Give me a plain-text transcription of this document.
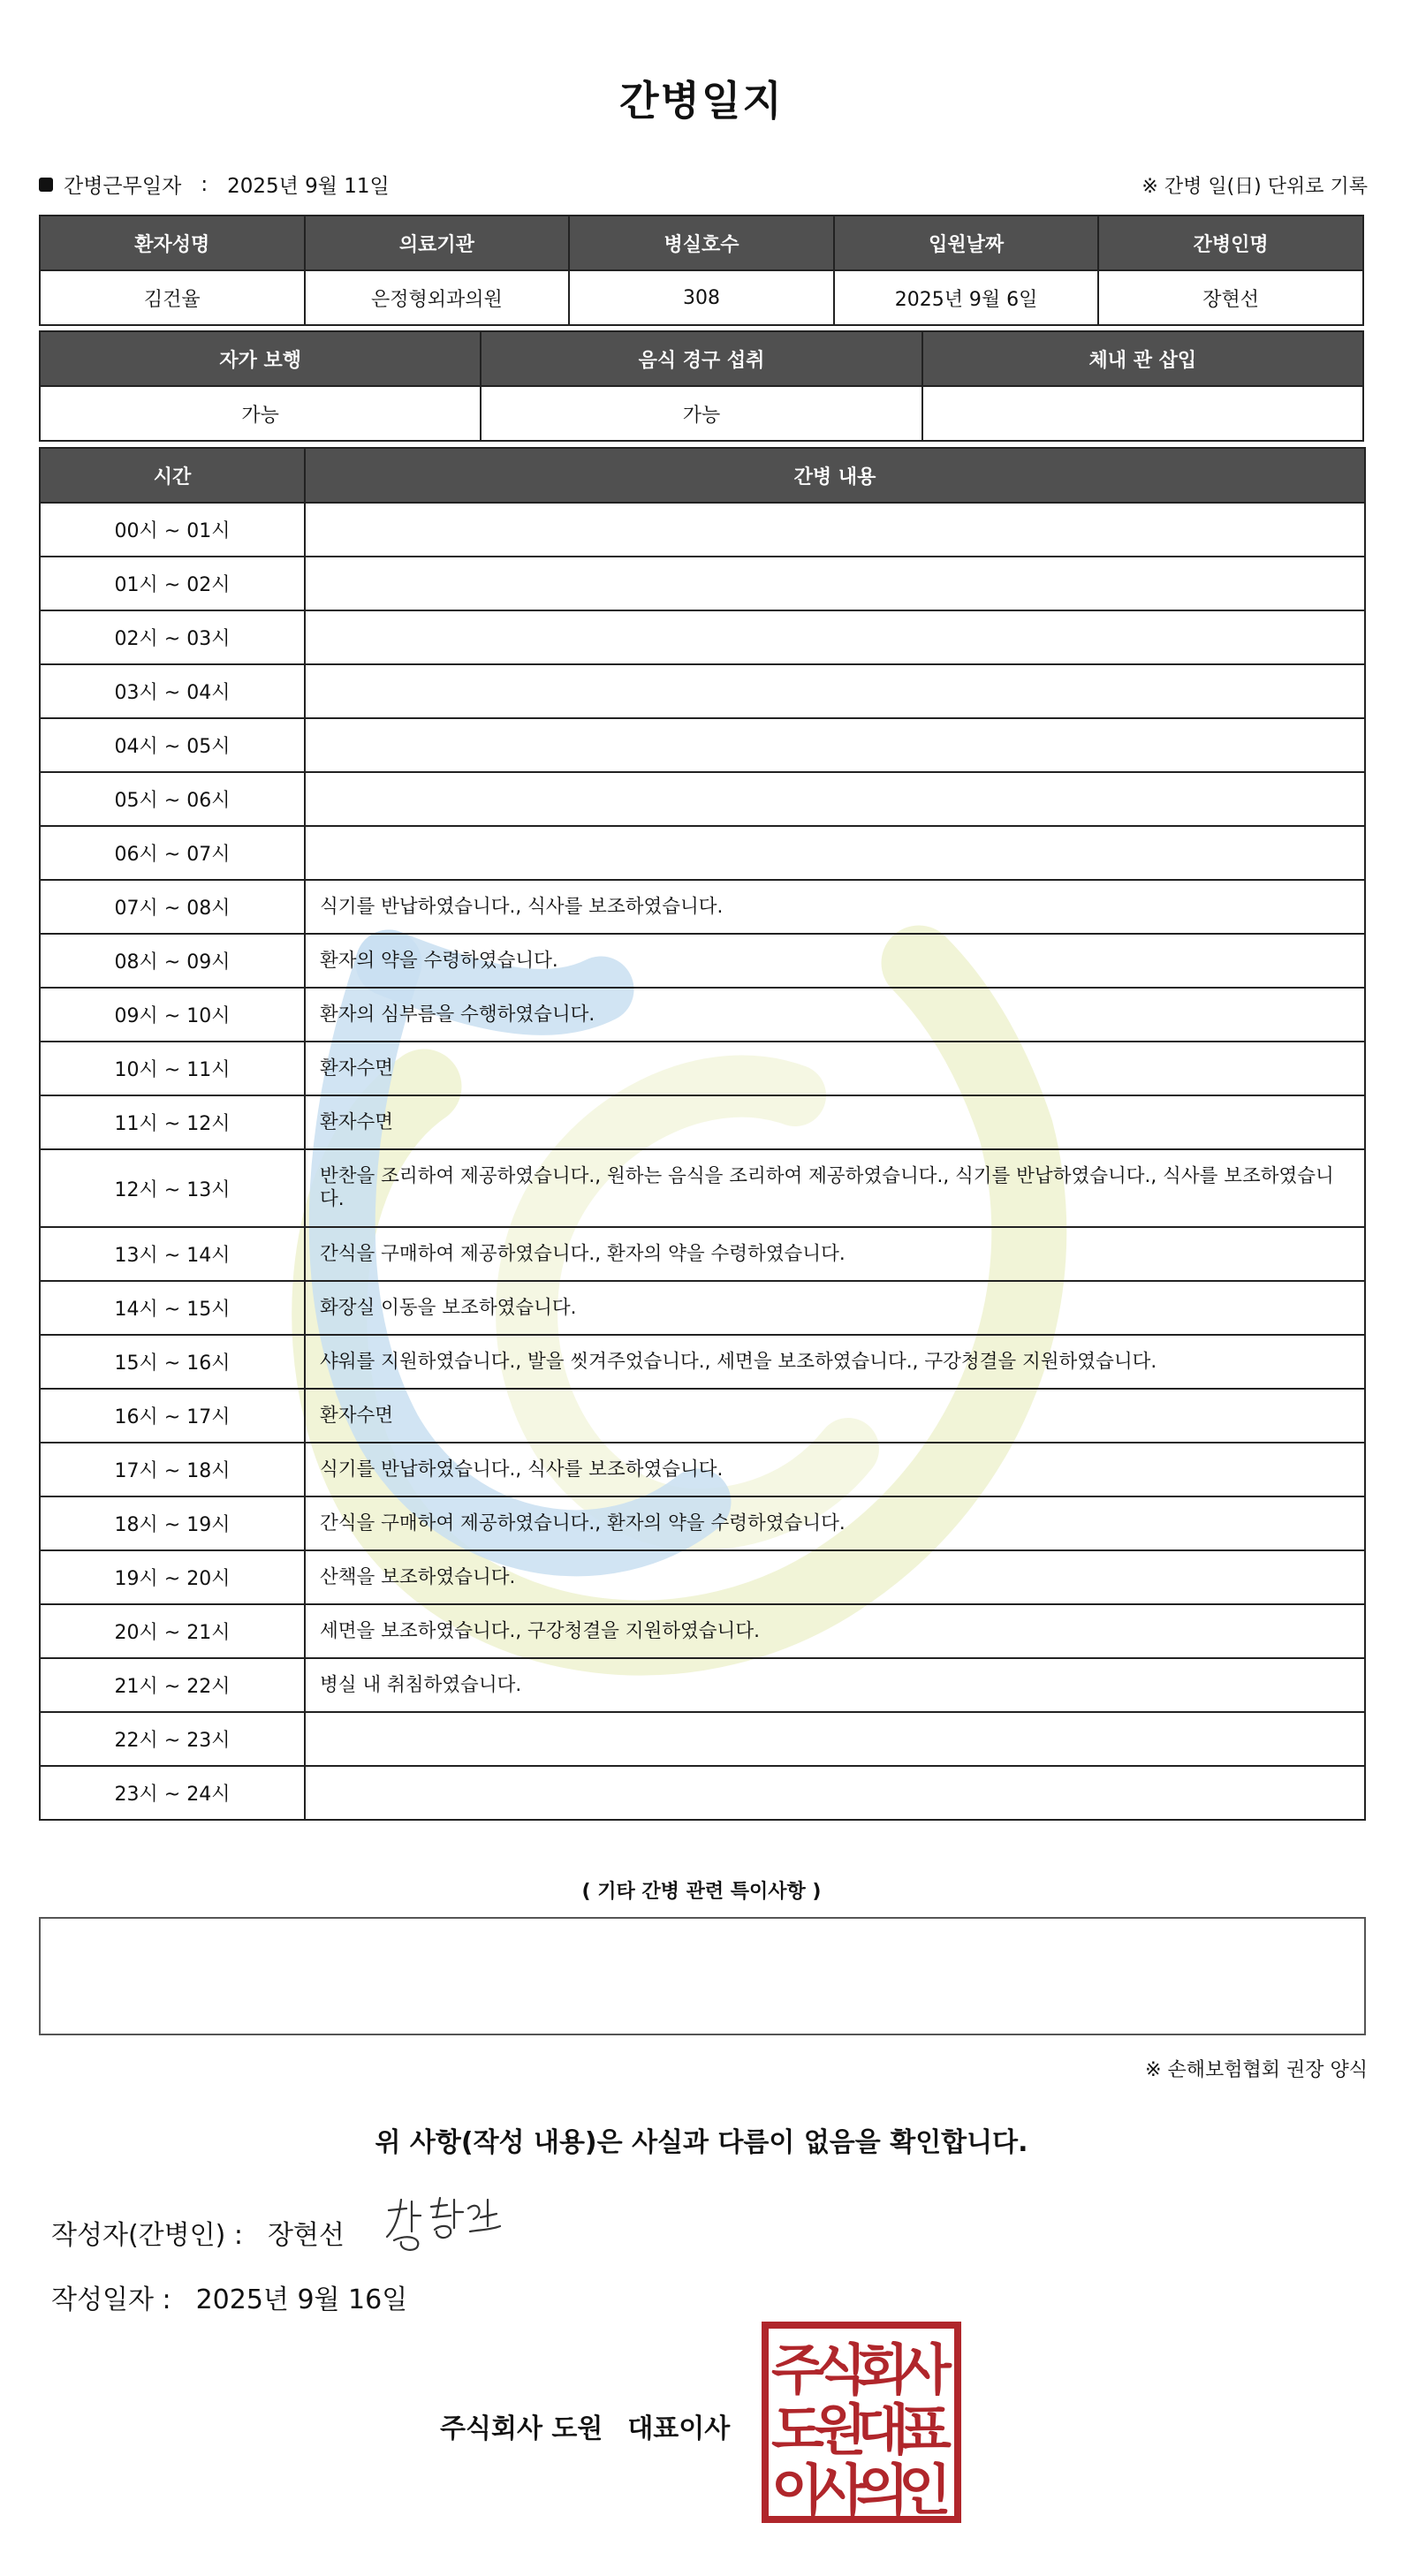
간병일지
간병근무일자 : 2025년 9월 11일	※ 간병 일(日) 단위로 기록
환자성명	의료기관	병실호수	입원날짜	간병인명
김건율	은정형외과의원	308	2025년 9월 6일	장현선
자가 보행	음식 경구 섭취	체내 관 삽입
가능	가능	
시간	간병 내용
00시 ~ 01시	
01시 ~ 02시	
02시 ~ 03시	
03시 ~ 04시	
04시 ~ 05시	
05시 ~ 06시	
06시 ~ 07시	
07시 ~ 08시	식기를 반납하였습니다., 식사를 보조하였습니다.
08시 ~ 09시	환자의 약을 수령하였습니다.
09시 ~ 10시	환자의 심부름을 수행하였습니다.
10시 ~ 11시	환자수면
11시 ~ 12시	환자수면
12시 ~ 13시	반찬을 조리하여 제공하였습니다., 원하는 음식을 조리하여 제공하였습니다., 식기를 반납하였습니다., 식사를 보조하였습니다.
13시 ~ 14시	간식을 구매하여 제공하였습니다., 환자의 약을 수령하였습니다.
14시 ~ 15시	화장실 이동을 보조하였습니다.
15시 ~ 16시	샤워를 지원하였습니다., 발을 씻겨주었습니다., 세면을 보조하였습니다., 구강청결을 지원하였습니다.
16시 ~ 17시	환자수면
17시 ~ 18시	식기를 반납하였습니다., 식사를 보조하였습니다.
18시 ~ 19시	간식을 구매하여 제공하였습니다., 환자의 약을 수령하였습니다.
19시 ~ 20시	산책을 보조하였습니다.
20시 ~ 21시	세면을 보조하였습니다., 구강청결을 지원하였습니다.
21시 ~ 22시	병실 내 취침하였습니다.
22시 ~ 23시	
23시 ~ 24시	
( 기타 간병 관련 특이사항 )
※ 손해보험협회 권장 양식
위 사항(작성 내용)은 사실과 다름이 없음을 확인합니다.
작성자(간병인) : 장현선
작성일자 : 2025년 9월 16일
주식회사 도원 대표이사
주
식
회
사
도
원
대
표
이
사
의
인
